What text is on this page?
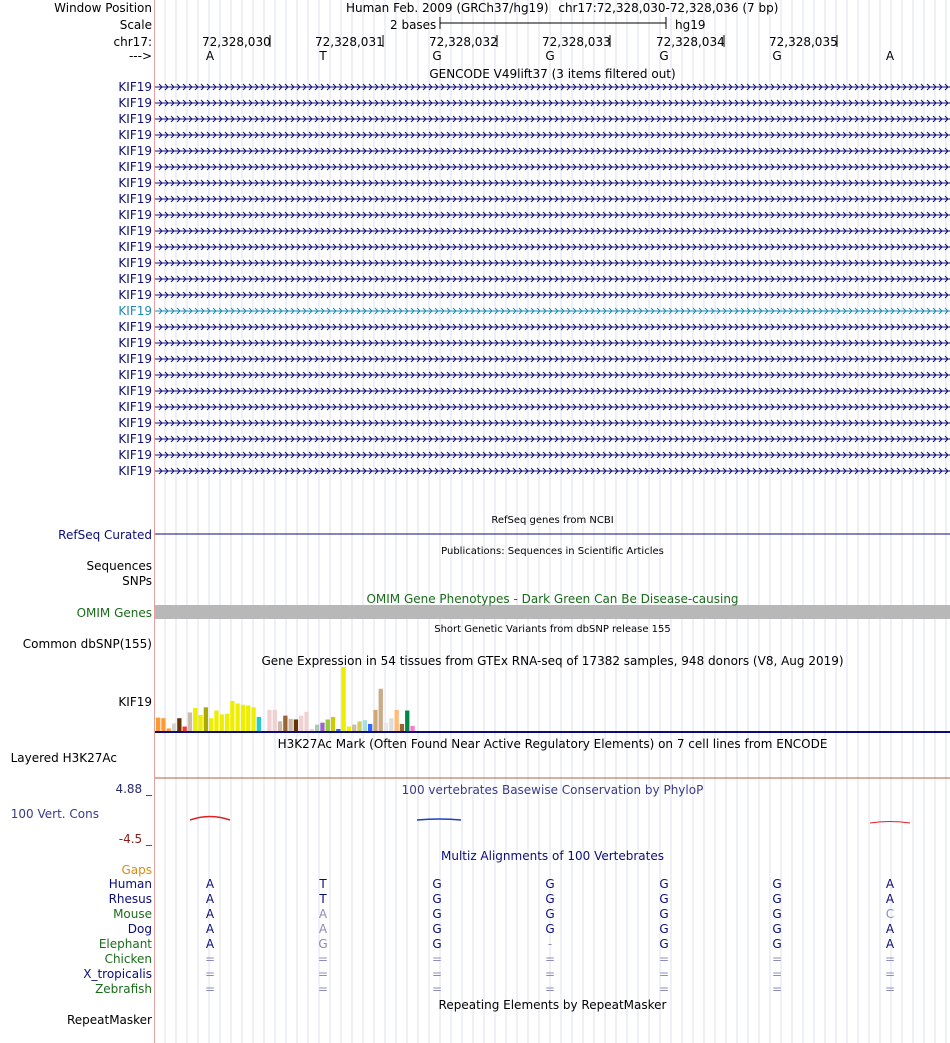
Window Position
Scale
chr17:
--->
Human Feb. 2009 (GRCh37/hg19) chr17:72,328,030-72,328,036 (7 bp)
2 bases	hg19
72,328,030	72,328,031	72,328,032	72,328,033	72,328,034	72,328,035
A	T	G	G	G	G	A
GENCODE V49lift37 (3 items filtered out)
KIF19
KIF19
KIF19
KIF19
KIF19
KIF19
KIF19
KIF19
KIF19
KIF19
KIF19
KIF19
KIF19
KIF19
KIF19
KIF19
KIF19
KIF19
KIF19
KIF19
KIF19
KIF19
KIF19
KIF19
KIF19
RefSeq genes from NCBI
RefSeq Curated
Publications: Sequences in Scientific Articles
Sequences
SNPs
OMIM Gene Phenotypes - Dark Green Can Be Disease-causing
OMIM Genes
Short Genetic Variants from dbSNP release 155
Common dbSNP(155)
Gene Expression in 54 tissues from GTEx RNA-seq of 17382 samples, 948 donors (V8, Aug 2019)
KIF19
H3K27Ac Mark (Often Found Near Active Regulatory Elements) on 7 cell lines from ENCODE
Layered H3K27Ac
100 vertebrates Basewise Conservation by PhyloP
4.88 _
100 Vert. Cons
-4.5 _
Multiz Alignments of 100 Vertebrates
Gaps
Human	A	T	G	G	G	G	A
Rhesus	A	T	G	G	G	G	A
Mouse	A	A	G	G	G	G	C
Dog	A	A	G	G	G	G	A
Elephant	A	G	G	-	G	G	A
Chicken	=	=	=	=	=	=	=
X_tropicalis	=	=	=	=	=	=	=
Zebrafish	=	=	=	=	=	=	=
Repeating Elements by RepeatMasker
RepeatMasker
